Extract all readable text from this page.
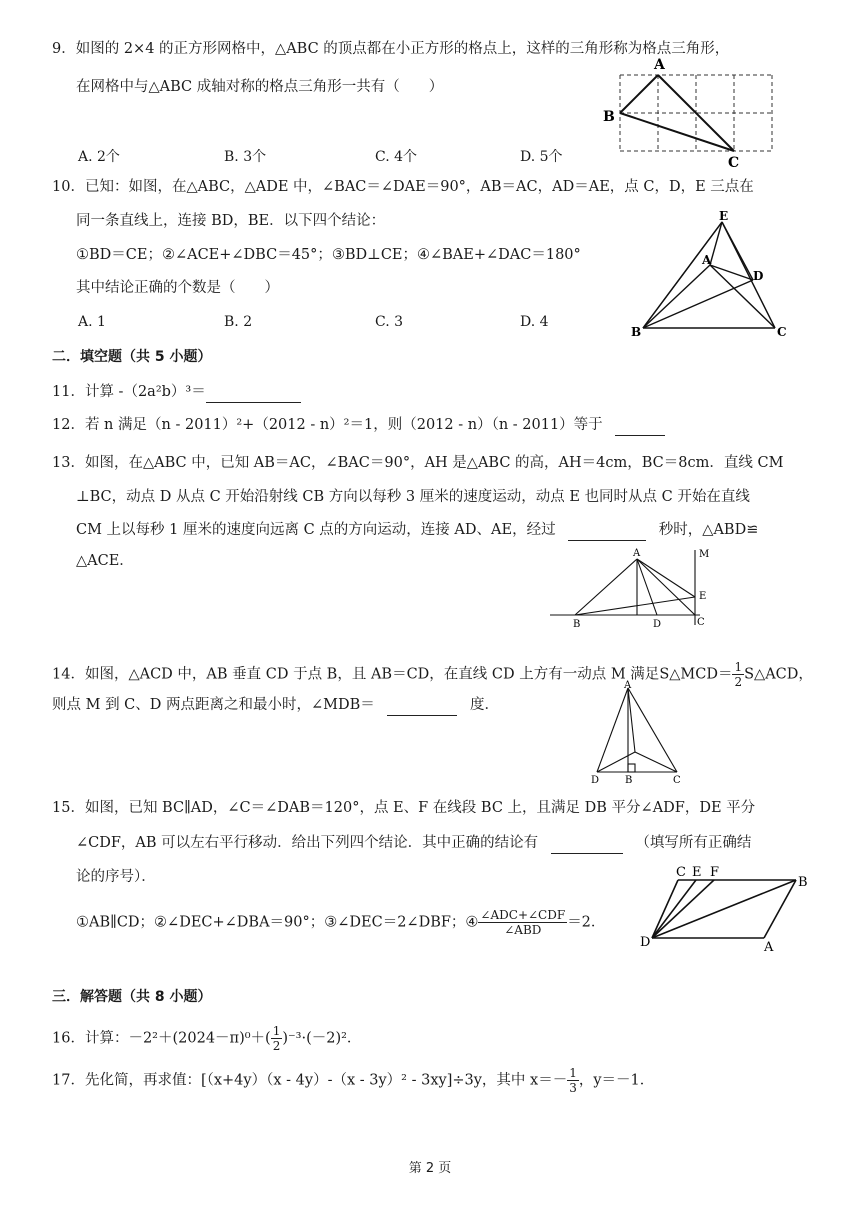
9．如图的 2×4 的正方形网格中，△ABC 的顶点都在小正方形的格点上，这样的三角形称为格点三角形，
在网格中与△ABC 成轴对称的格点三角形一共有（　　）
A. 2个	B. 3个	C. 4个	D. 5个
A
B
C
10．已知：如图，在△ABC，△ADE 中，∠BAC＝∠DAE＝90°，AB＝AC，AD＝AE，点 C，D，E 三点在
同一条直线上，连接 BD，BE．以下四个结论：
①BD＝CE；②∠ACE+∠DBC＝45°；③BD⊥CE；④∠BAE+∠DAC＝180°
其中结论正确的个数是（　　）
A. 1	B. 2	C. 3	D. 4
E
A
D
B	C
二．填空题（共 5 小题）
11．计算 -（2a²b）³＝
12．若 n 满足（n - 2011）²+（2012 - n）²＝1，则（2012 - n）（n - 2011）等于
13．如图，在△ABC 中，已知 AB＝AC，∠BAC＝90°，AH 是△ABC 的高，AH＝4cm，BC＝8cm．直线 CM
⊥BC，动点 D 从点 C 开始沿射线 CB 方向以每秒 3 厘米的速度运动，动点 E 也同时从点 C 开始在直线
CM 上以每秒 1 厘米的速度向远离 C 点的方向运动，连接 AD、AE，经过	秒时，△ABD≌
△ACE．	A	M
E
B	D	C
14．如图，△ACD 中，AB 垂直 CD 于点 B，且 AB＝CD，在直线 CD 上方有一动点 M 满足S△MCD＝ $\frac{1}{2}$ S△ACD，
则点 M 到 C、D 两点距离之和最小时，∠MDB＝	度．
A
D	B	C
15．如图，已知 BC∥AD，∠C＝∠DAB＝120°，点 E、F 在线段 BC 上，且满足 DB 平分∠ADF，DE 平分
∠CDF，AB 可以左右平行移动．给出下列四个结论．其中正确的结论有	（填写所有正确结
论的序号）．
①AB∥CD；②∠DEC+∠DBA＝90°；③∠DEC＝2∠DBF；④ $\frac{\text{∠ADC+∠CDF}}{\text{∠ABD}} =2$．
C E F
B
D	A
三．解答题（共 8 小题）
16．计算：$-2^2+(2024-\pi)^0+( \frac{1}{2} )^{-3}\cdot(-2)^2$．
17．先化简，再求值：[（x+4y）（x - 4y）-（x - 3y）² - 3xy]÷3y，其中 $x=- \frac{1}{3}$ ，y＝－1．
第 2 页
